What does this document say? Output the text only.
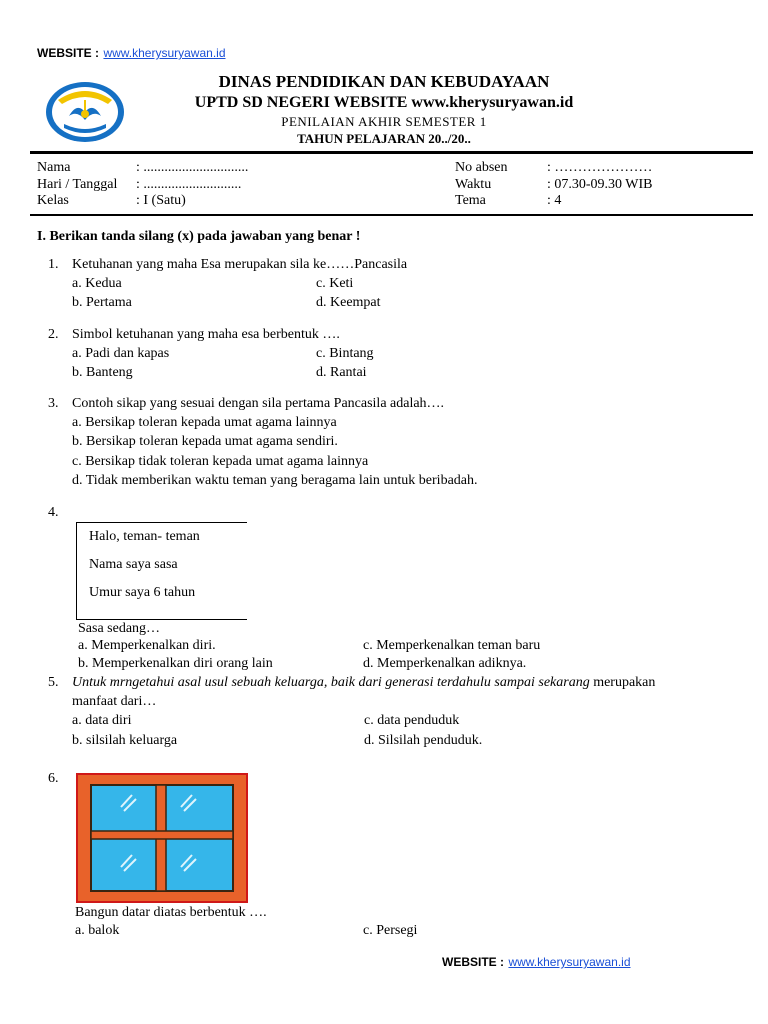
WEBSITE : www.kherysuryawan.id
DINAS PENDIDIKAN DAN KEBUDAYAAN
UPTD SD NEGERI WEBSITE www.kherysuryawan.id
PENILAIAN AKHIR SEMESTER 1
TAHUN PELAJARAN 20../20..
Nama	: ..............................
Hari / Tanggal : ............................
Kelas	: I (Satu)
No absen	: …………………
Waktu	: 07.30-09.30 WIB
Tema	: 4
I. Berikan tanda silang (x) pada jawaban yang benar !
1. Ketuhanan yang maha Esa merupakan sila ke……Pancasila
a. Kedua
b. Pertama
c. Keti
d. Keempat
2. Simbol ketuhanan yang maha esa berbentuk ….
a. Padi dan kapas
b. Banteng
c. Bintang
d. Rantai
3. Contoh sikap yang sesuai dengan sila pertama Pancasila adalah….
a. Bersikap toleran kepada umat agama lainnya
b. Bersikap toleran kepada umat agama sendiri.
c. Bersikap tidak toleran kepada umat agama lainnya
d. Tidak memberikan waktu teman yang beragama lain untuk beribadah.
4.
Halo, teman- teman
Nama saya sasa
Umur saya 6 tahun
Sasa sedang…
a. Memperkenalkan diri.
b. Memperkenalkan diri orang lain
c. Memperkenalkan teman baru
d. Memperkenalkan adiknya.
5. Untuk mrngetahui asal usul sebuah keluarga, baik dari generasi terdahulu sampai sekarang merupakan
manfaat dari…
a. data diri
b. silsilah keluarga
c. data penduduk
d. Silsilah penduduk.
6.
Bangun datar diatas berbentuk ….
a. balok	c. Persegi
WEBSITE : www.kherysuryawan.id
